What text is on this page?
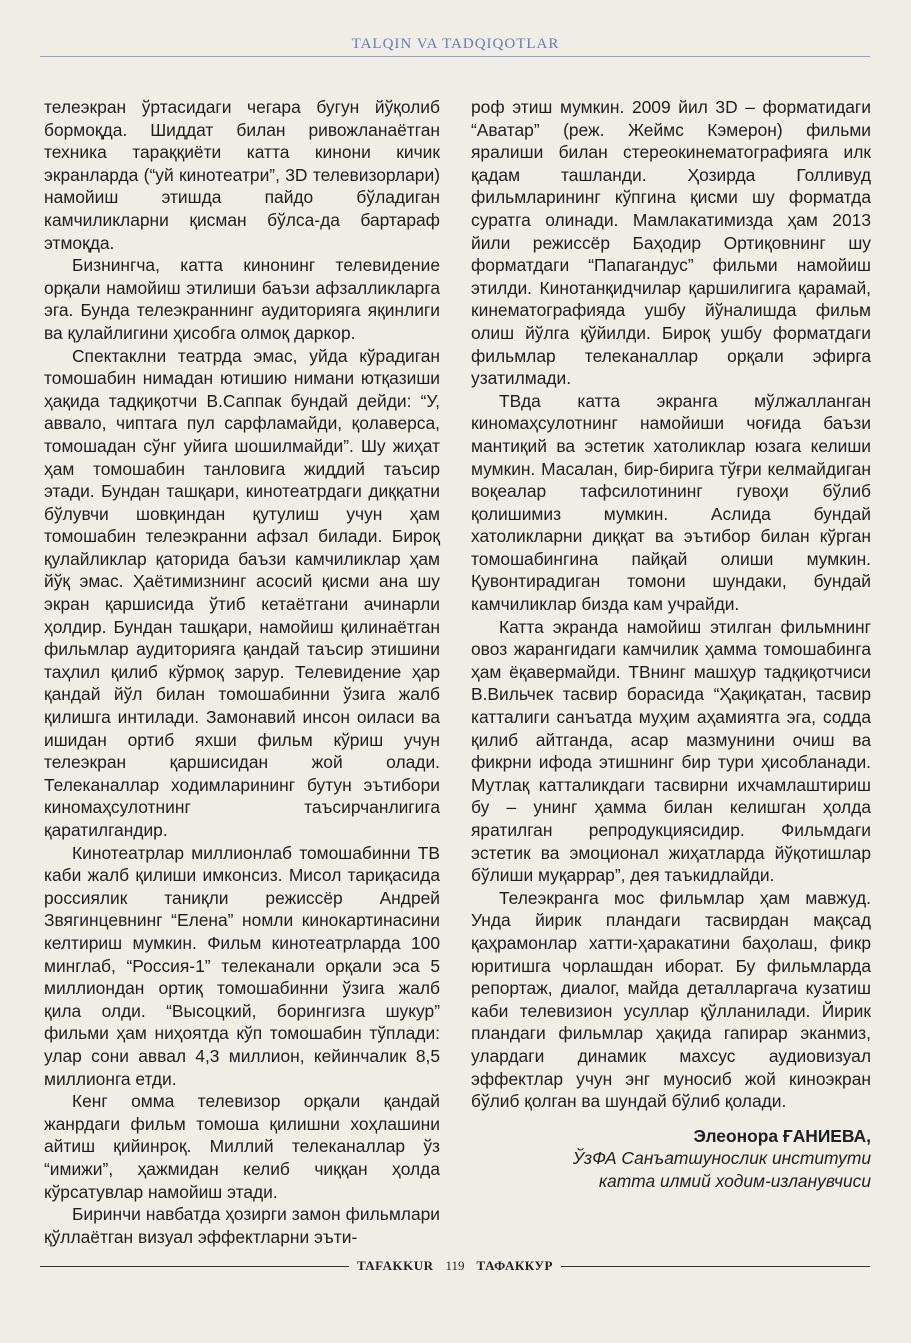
TALQIN VA TADQIQOTLAR

телеэкран ўртасидаги чегара бугун йўқолиб бормоқда. Шиддат билан ривожланаётган техника тараққиёти катта кинони кичик экранларда (“уй кинотеатри”, 3D телевизорлари) намойиш этишда пайдо бўладиган камчиликларни қисман бўлса-да бартараф этмоқда.

Бизнингча, катта кинонинг телевидение орқали намойиш этилиши баъзи афзалликларга эга. Бунда телеэкраннинг аудиторияга яқинлиги ва қулайлигини ҳисобга олмоқ даркор.

Спектаклни театрда эмас, уйда кўрадиган томошабин нимадан ютишию нимани ютқазиши ҳақида тадқиқотчи В.Саппак бундай дейди: “У, аввало, чиптага пул сарфламайди, қолаверса, томошадан сўнг уйига шошилмайди”. Шу жиҳат ҳам томошабин танловига жиддий таъсир этади. Бундан ташқари, кинотеатрдаги диққатни бўлувчи шовқиндан қутулиш учун ҳам томошабин телеэкранни афзал билади. Бироқ қулайликлар қаторида баъзи камчиликлар ҳам йўқ эмас. Ҳаётимизнинг асосий қисми ана шу экран қаршисида ўтиб кетаётгани ачинарли ҳолдир. Бундан ташқари, намойиш қилинаётган фильмлар аудиторияга қандай таъсир этишини таҳлил қилиб кўрмоқ зарур. Телевидение ҳар қандай йўл билан томошабинни ўзига жалб қилишга интилади. Замонавий инсон оиласи ва ишидан ортиб яхши фильм кўриш учун телеэкран қаршисидан жой олади. Телеканаллар ходимларининг бутун эътибори киномаҳсулотнинг таъсирчанлигига қаратилгандир.

Кинотеатрлар миллионлаб томошабинни ТВ каби жалб қилиши имконсиз. Мисол тариқасида россиялик таниқли режиссёр Андрей Звягинцевнинг “Елена” номли кинокартинасини келтириш мумкин. Фильм кинотеатрларда 100 минглаб, “Россия-1” телеканали орқали эса 5 миллиондан ортиқ томошабинни ўзига жалб қила олди. “Высоцкий, борингизга шукур” фильми ҳам ниҳоятда кўп томошабин тўплади: улар сони аввал 4,3 миллион, кейинчалик 8,5 миллионга етди.

Кенг омма телевизор орқали қандай жанрдаги фильм томоша қилишни хоҳлашини айтиш қийинроқ. Миллий телеканаллар ўз “имижи”, ҳажмидан келиб чиққан ҳолда кўрсатувлар намойиш этади.

Биринчи навбатда ҳозирги замон фильмлари қўллаётган визуал эффектларни эъти-

роф этиш мумкин. 2009 йил 3D – форматидаги “Аватар” (реж. Жеймс Кэмерон) фильми яралиши билан стереокинематографияга илк қадам ташланди. Ҳозирда Голливуд фильмларининг кўпгина қисми шу форматда суратга олинади. Мамлакатимизда ҳам 2013 йили режиссёр Баҳодир Ортиқовнинг шу форматдаги “Папагандус” фильми намойиш этилди. Кинотанқидчилар қаршилигига қарамай, кинематографияда ушбу йўналишда фильм олиш йўлга қўйилди. Бироқ ушбу форматдаги фильмлар телеканаллар орқали эфирга узатилмади.

ТВда катта экранга мўлжалланган киномаҳсулотнинг намойиши чоғида баъзи мантиқий ва эстетик хатоликлар юзага келиши мумкин. Масалан, бир-бирига тўғри келмайдиган воқеалар тафсилотининг гувоҳи бўлиб қолишимиз мумкин. Аслида бундай хатоликларни диққат ва эътибор билан кўрган томошабингина пайқай олиши мумкин. Қувонтирадиган томони шундаки, бундай камчиликлар бизда кам учрайди.

Катта экранда намойиш этилган фильмнинг овоз жарангидаги камчилик ҳамма томошабинга ҳам ёқавермайди. ТВнинг машҳур тадқиқотчиси В.Вильчек тасвир борасида “Ҳақиқатан, тасвир катталиги санъатда муҳим аҳамиятга эга, содда қилиб айтганда, асар мазмунини очиш ва фикрни ифода этишнинг бир тури ҳисобланади. Мутлақ катталикдаги тасвирни ихчамлаштириш бу – унинг ҳамма билан келишган ҳолда яратилган репродукциясидир. Фильмдаги эстетик ва эмоционал жиҳатларда йўқотишлар бўлиши муқаррар”, дея таъкидлайди.

Телеэкранга мос фильмлар ҳам мавжуд. Унда йирик пландаги тасвирдан мақсад қаҳрамонлар хатти-ҳаракатини баҳолаш, фикр юритишга чорлашдан иборат. Бу фильмларда репортаж, диалог, майда деталларгача кузатиш каби телевизион усуллар қўлланилади. Йирик пландаги фильмлар ҳақида гапирар эканмиз, улардаги динамик махсус аудиовизуал эффектлар учун энг муносиб жой киноэкран бўлиб қолган ва шундай бўлиб қолади.

Элеонора ҒАНИЕВА,
ЎзФА Санъатшунослик институти
катта илмий ходим-изланувчиси
TAFAKKUR 119 ТАФАККУР
